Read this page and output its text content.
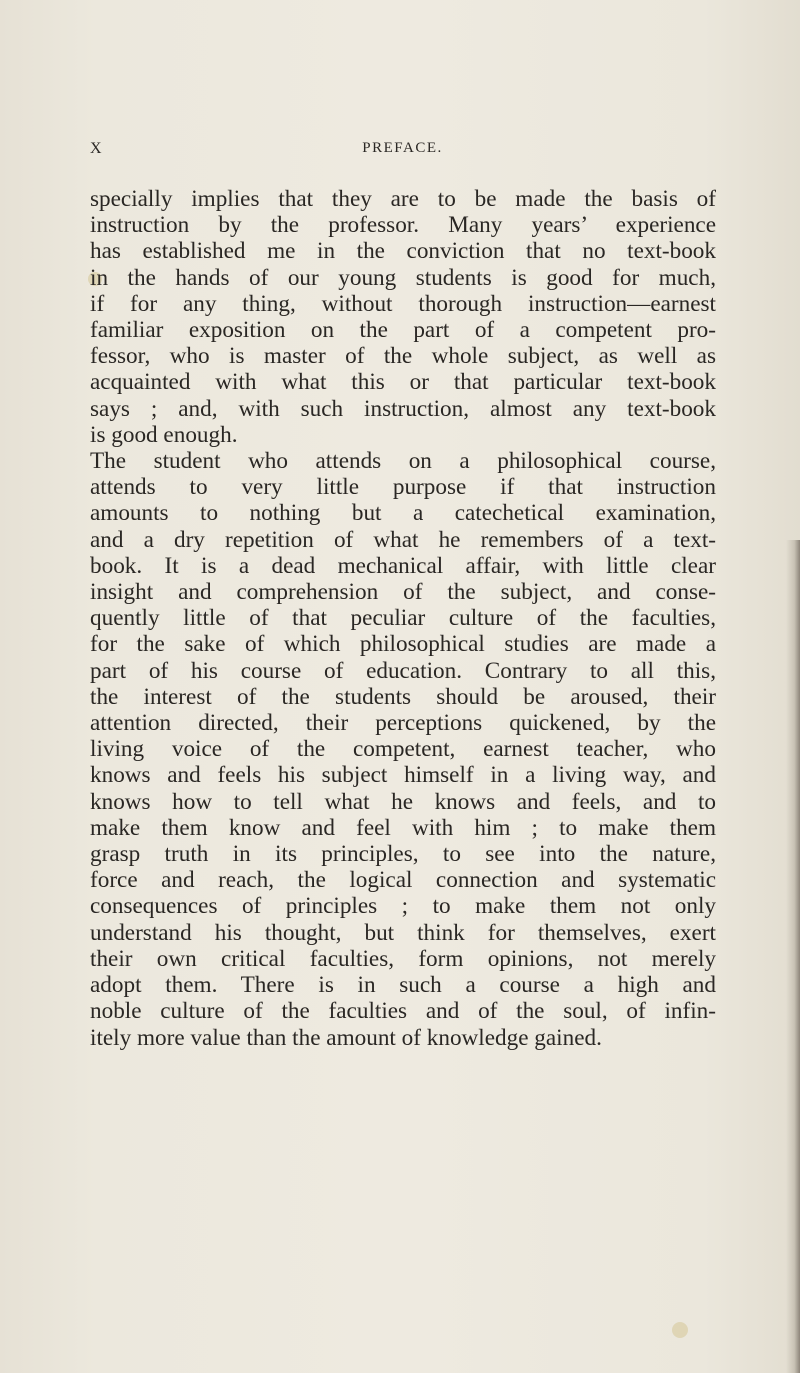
X	PREFACE.
specially implies that they are to be made the basis of
instruction by the professor. Many years’ experience
has established me in the conviction that no text-book
in the hands of our young students is good for much,
if for any thing, without thorough instruction—earnest
familiar exposition on the part of a competent pro-
fessor, who is master of the whole subject, as well as
acquainted with what this or that particular text-book
says ; and, with such instruction, almost any text-book
is good enough.
The student who attends on a philosophical course,
attends to very little purpose if that instruction
amounts to nothing but a catechetical examination,
and a dry repetition of what he remembers of a text-
book. It is a dead mechanical affair, with little clear
insight and comprehension of the subject, and conse-
quently little of that peculiar culture of the faculties,
for the sake of which philosophical studies are made a
part of his course of education. Contrary to all this,
the interest of the students should be aroused, their
attention directed, their perceptions quickened, by the
living voice of the competent, earnest teacher, who
knows and feels his subject himself in a living way, and
knows how to tell what he knows and feels, and to
make them know and feel with him ; to make them
grasp truth in its principles, to see into the nature,
force and reach, the logical connection and systematic
consequences of principles ; to make them not only
understand his thought, but think for themselves, exert
their own critical faculties, form opinions, not merely
adopt them. There is in such a course a high and
noble culture of the faculties and of the soul, of infin-
itely more value than the amount of knowledge gained.
